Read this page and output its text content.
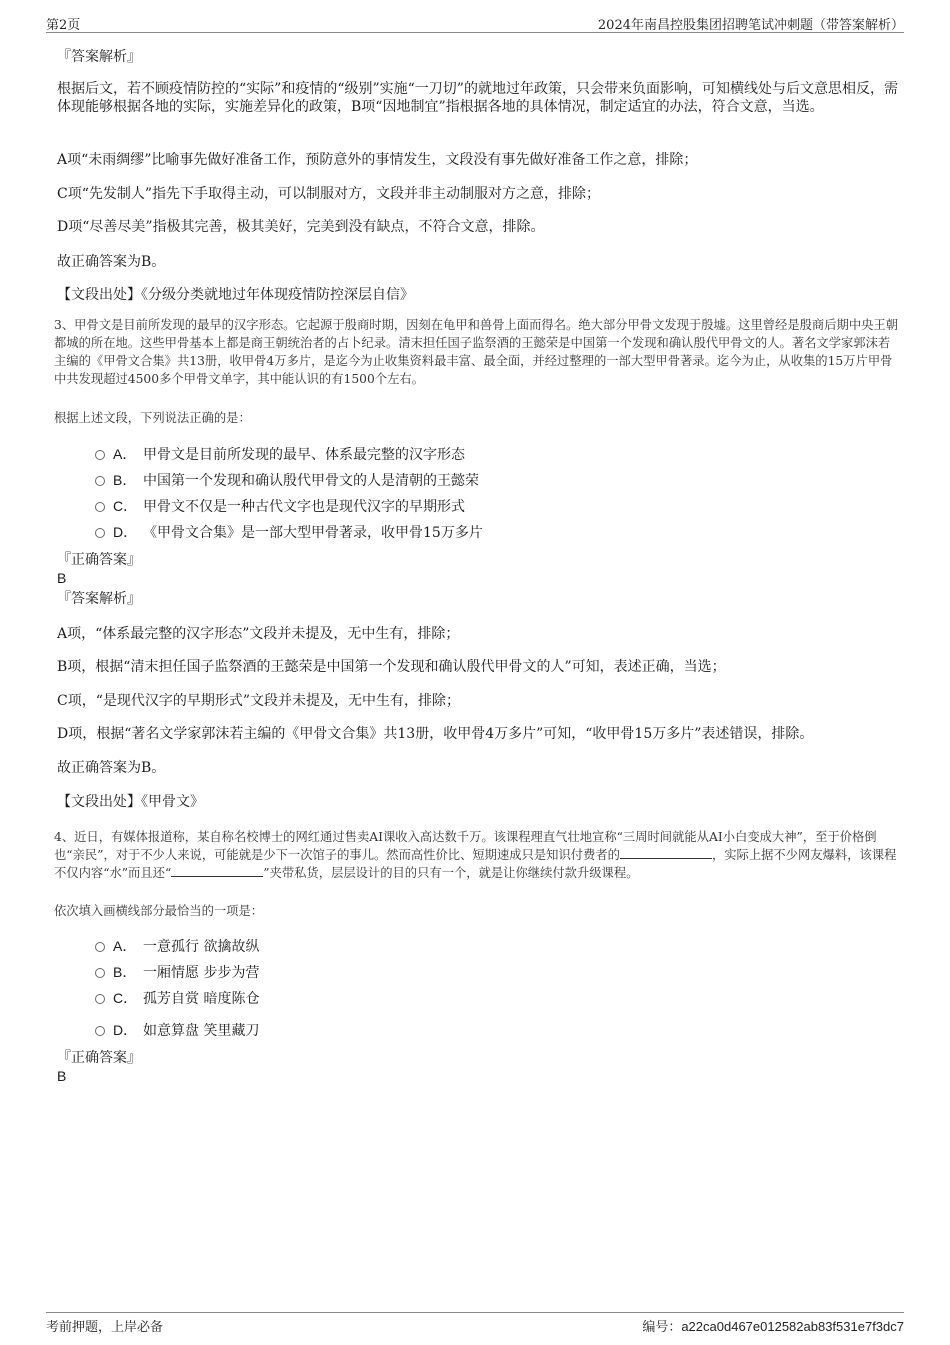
第2页	2024年南昌控股集团招聘笔试冲刺题（带答案解析）

『答案解析』

根据后文，若不顾疫情防控的“实际”和疫情的“级别”实施“一刀切”的就地过年政策，只会带来负面影响，可知横线处与后文意思相反，需体现能够根据各地的实际，实施差异化的政策，B项“因地制宜”指根据各地的具体情况，制定适宜的办法，符合文意，当选。

A项“未雨绸缪”比喻事先做好准备工作，预防意外的事情发生，文段没有事先做好准备工作之意，排除；

C项“先发制人”指先下手取得主动，可以制服对方，文段并非主动制服对方之意，排除；

D项“尽善尽美”指极其完善，极其美好，完美到没有缺点，不符合文意，排除。

故正确答案为B。

【文段出处】《分级分类就地过年体现疫情防控深层自信》

3、甲骨文是目前所发现的最早的汉字形态。它起源于殷商时期，因刻在龟甲和兽骨上面而得名。绝大部分甲骨文发现于殷墟。这里曾经是殷商后期中央王朝都城的所在地。这些甲骨基本上都是商王朝统治者的占卜纪录。清末担任国子监祭酒的王懿荣是中国第一个发现和确认殷代甲骨文的人。著名文学家郭沫若主编的《甲骨文合集》共13册，收甲骨4万多片，是迄今为止收集资料最丰富、最全面，并经过整理的一部大型甲骨著录。迄今为止，从收集的15万片甲骨中共发现超过4500多个甲骨文单字，其中能认识的有1500个左右。

根据上述文段，下列说法正确的是：

A． 甲骨文是目前所发现的最早、体系最完整的汉字形态
B． 中国第一个发现和确认殷代甲骨文的人是清朝的王懿荣
C． 甲骨文不仅是一种古代文字也是现代汉字的早期形式
D． 《甲骨文合集》是一部大型甲骨著录，收甲骨15万多片

『正确答案』

B

『答案解析』

A项，“体系最完整的汉字形态”文段并未提及，无中生有，排除；

B项，根据“清末担任国子监祭酒的王懿荣是中国第一个发现和确认殷代甲骨文的人”可知，表述正确，当选；

C项，“是现代汉字的早期形式”文段并未提及，无中生有，排除；

D项，根据“著名文学家郭沫若主编的《甲骨文合集》共13册，收甲骨4万多片”可知，“收甲骨15万多片”表述错误，排除。

故正确答案为B。

【文段出处】《甲骨文》

4、近日，有媒体报道称，某自称名校博士的网红通过售卖AI课收入高达数千万。该课程理直气壮地宣称“三周时间就能从AI小白变成大神”，至于价格倒也“亲民”，对于不少人来说，可能就是少下一次馆子的事儿。然而高性价比、短期速成只是知识付费者的	，实际上据不少网友爆料，该课程不仅内容“水”而且还“	”夹带私货，层层设计的目的只有一个，就是让你继续付款升级课程。

依次填入画横线部分最恰当的一项是：

A． 一意孤行 欲擒故纵
B． 一厢情愿 步步为营
C． 孤芳自赏 暗度陈仓
D． 如意算盘 笑里藏刀

『正确答案』

B

考前押题，上岸必备	编号：a22ca0d467e012582ab83f531e7f3dc7
